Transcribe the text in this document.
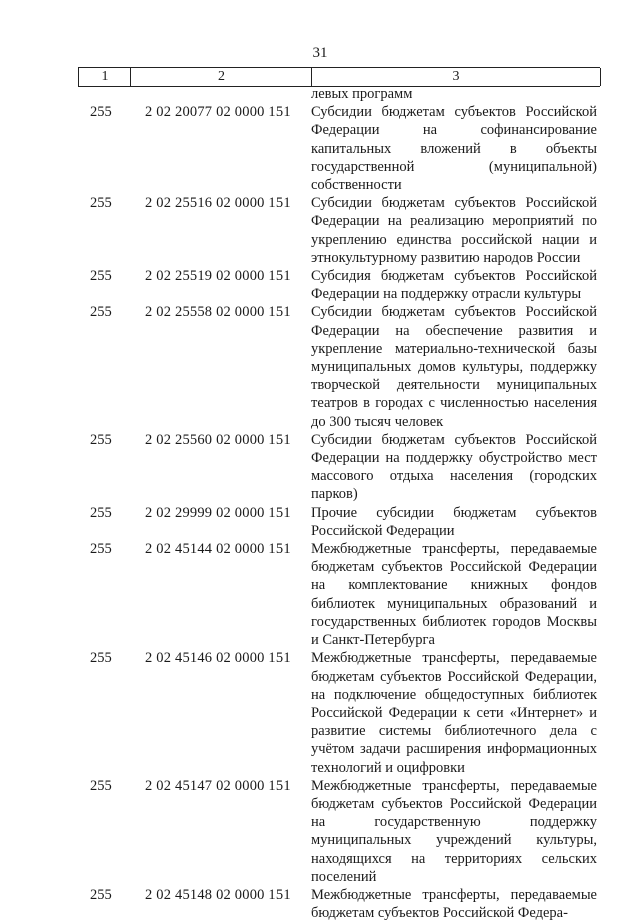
31
1	2	3
левых программ
255 2 02 20077 02 0000 151 Субсидии бюджетам субъектов Российской Федерации на софинансирование капитальных вложений в объекты государственной (муниципальной) собственности
255 2 02 25516 02 0000 151 Субсидии бюджетам субъектов Российской Федерации на реализацию мероприятий по укреплению единства российской нации и этнокультурному развитию народов России
255 2 02 25519 02 0000 151 Субсидия бюджетам субъектов Российской Федерации на поддержку отрасли культуры
255 2 02 25558 02 0000 151 Субсидии бюджетам субъектов Российской Федерации на обеспечение развития и укрепление материально-технической базы муниципальных домов культуры, поддержку творческой деятельности муниципальных театров в городах с численностью населения до 300 тысяч человек
255 2 02 25560 02 0000 151 Субсидии бюджетам субъектов Российской Федерации на поддержку обустройство мест массового отдыха населения (городских парков)
255 2 02 29999 02 0000 151 Прочие субсидии бюджетам субъектов Российской Федерации
255 2 02 45144 02 0000 151 Межбюджетные трансферты, передаваемые бюджетам субъектов Российской Федерации на комплектование книжных фондов библиотек муниципальных образований и государственных библиотек городов Москвы и Санкт-Петербурга
255 2 02 45146 02 0000 151 Межбюджетные трансферты, передаваемые бюджетам субъектов Российской Федерации, на подключение общедоступных библиотек Российской Федерации к сети «Интернет» и развитие системы библиотечного дела с учётом задачи расширения информационных технологий и оцифровки
255 2 02 45147 02 0000 151 Межбюджетные трансферты, передаваемые бюджетам субъектов Российской Федерации на государственную поддержку муниципальных учреждений культуры, находящихся на территориях сельских поселений
255 2 02 45148 02 0000 151 Межбюджетные трансферты, передаваемые бюджетам субъектов Российской Федера-
